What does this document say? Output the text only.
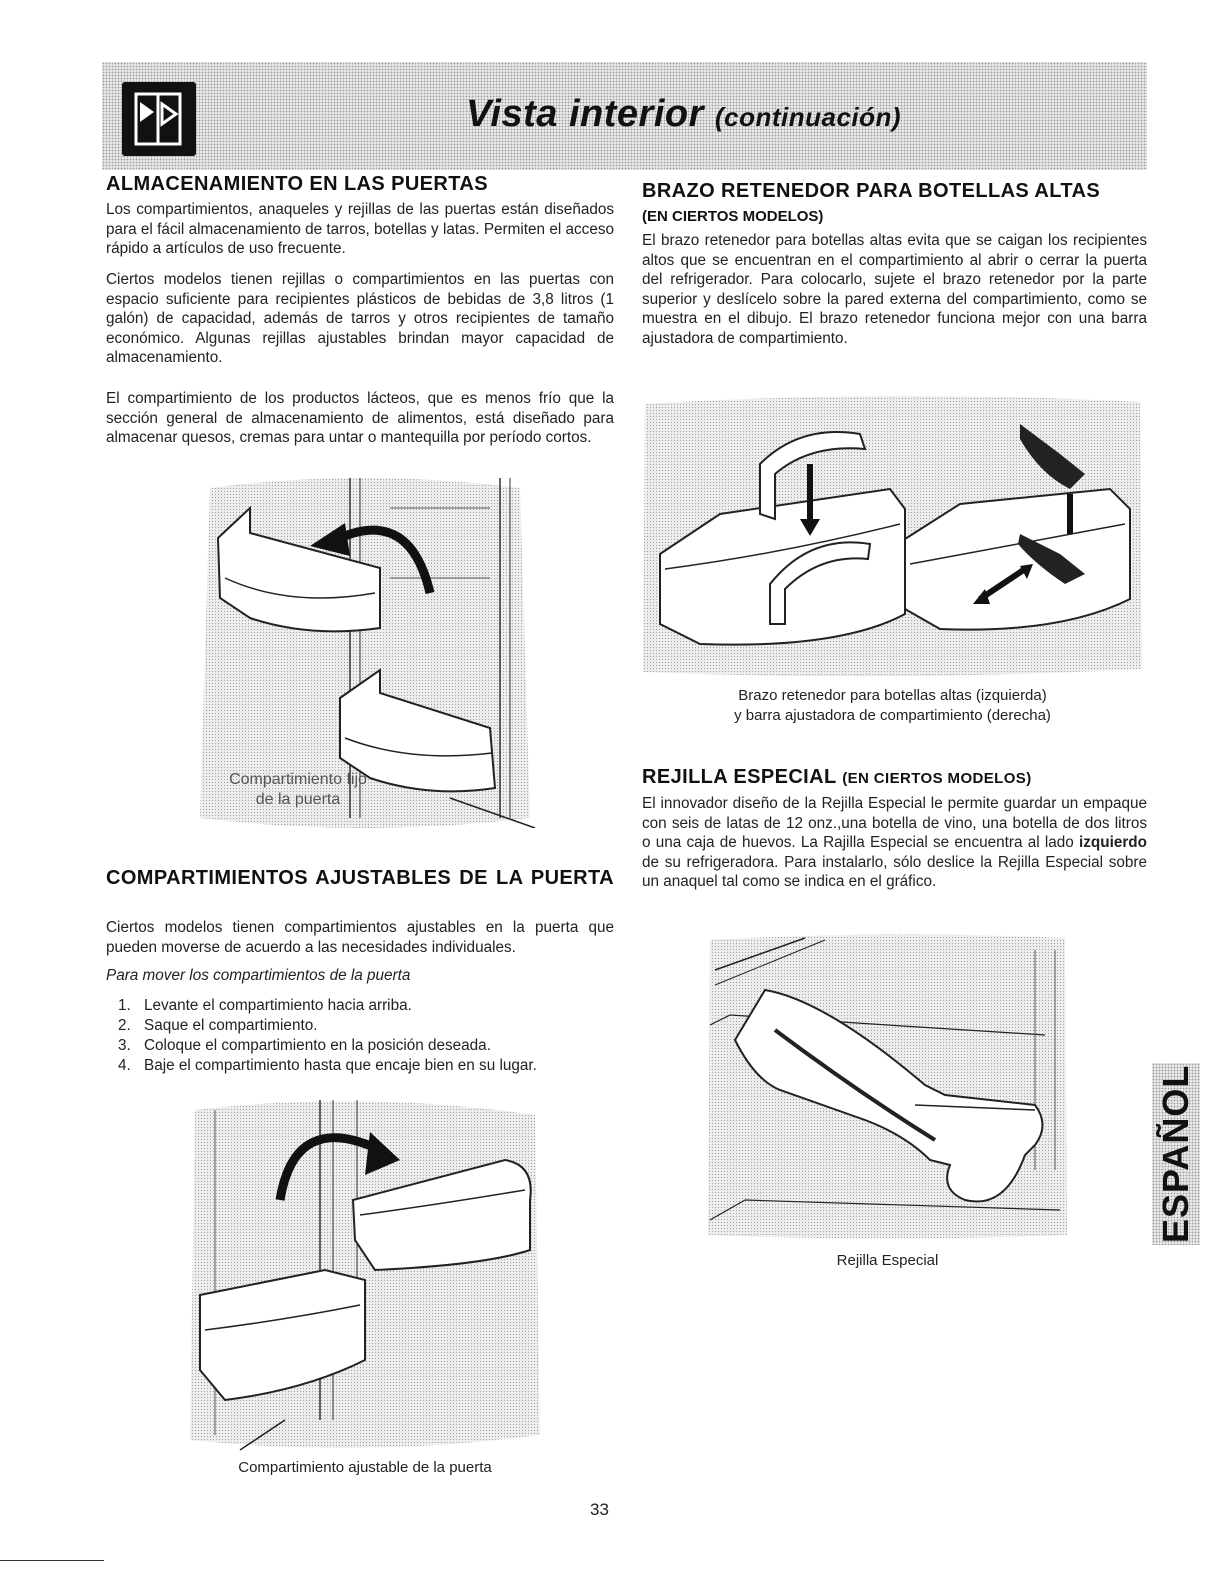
Vista interior (continuación)
ALMACENAMIENTO EN LAS PUERTAS

Los compartimientos, anaqueles y rejillas de las puertas están diseñados para el fácil almacenamiento de tarros, botellas y latas. Permiten el acceso rápido a artículos de uso frecuente.

Ciertos modelos tienen rejillas o compartimientos en las puertas con espacio suficiente para recipientes plásticos de bebidas de 3,8 litros (1 galón) de capacidad, además de tarros y otros recipientes de tamaño económico. Algunas rejillas ajustables brindan mayor capacidad de almacenamiento.

El compartimiento de los productos lácteos, que es menos frío que la sección general de almacenamiento de alimentos, está diseñado para almacenar quesos, cremas para untar o mantequilla por período cortos.

Compartimiento fijo
de la puerta
COMPARTIMIENTOS AJUSTABLES DE LA PUERTA

Ciertos modelos tienen compartimientos ajustables en la puerta que pueden moverse de acuerdo a las necesidades individuales.

Para mover los compartimientos de la puerta

1. Levante el compartimiento hacia arriba.
2. Saque el compartimiento.
3. Coloque el compartimiento en la posición deseada.
4. Baje el compartimiento hasta que encaje bien en su lugar.
Compartimiento ajustable de la puerta
BRAZO RETENEDOR PARA BOTELLAS ALTAS
(EN CIERTOS MODELOS)

El brazo retenedor para botellas altas evita que se caigan los recipientes altos que se encuentran en el compartimiento al abrir o cerrar la puerta del refrigerador. Para colocarlo, sujete el brazo retenedor por la parte superior y deslícelo sobre la pared externa del compartimiento, como se muestra en el dibujo. El brazo retenedor funciona mejor con una barra ajustadora de compartimiento.

Brazo retenedor para botellas altas (izquierda)
y barra ajustadora de compartimiento (derecha)
REJILLA ESPECIAL (EN CIERTOS MODELOS)

El innovador diseño de la Rejilla Especial le permite guardar un empaque con seis de latas de 12 onz.,una botella de vino, una botella de dos litros o una caja de huevos. La Rajilla Especial se encuentra al lado izquierdo de su refrigeradora. Para instalarlo, sólo deslice la Rejilla Especial sobre un anaquel tal como se indica en el gráfico.

Rejilla Especial
ESPAÑOL
33
